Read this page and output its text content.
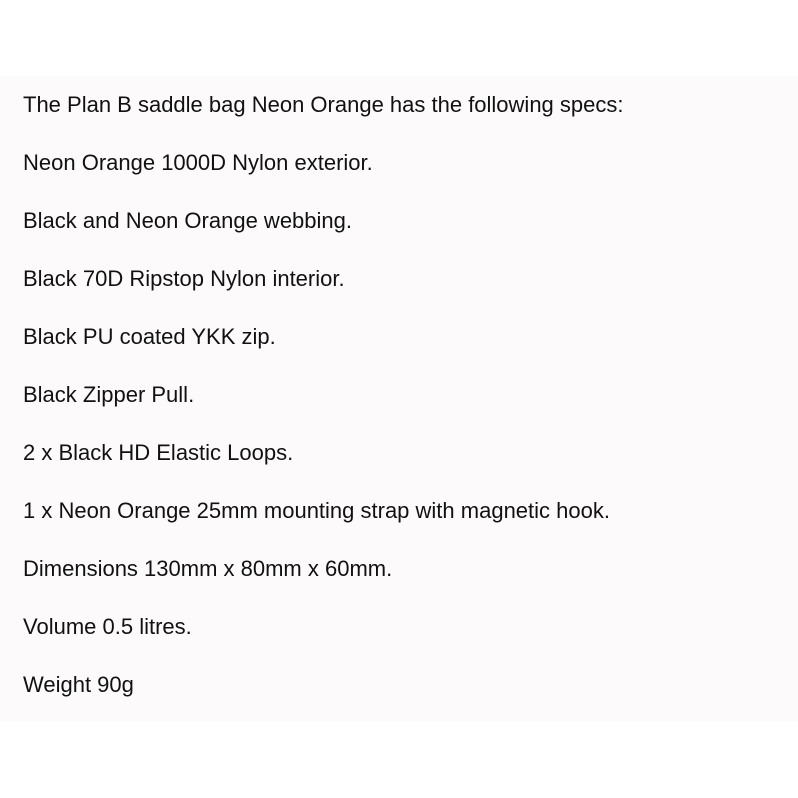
The Plan B saddle bag Neon Orange has the following specs:
Neon Orange 1000D Nylon exterior.
Black and Neon Orange webbing.
Black 70D Ripstop Nylon interior.
Black PU coated YKK zip.
Black Zipper Pull.
2 x Black HD Elastic Loops.
1 x Neon Orange 25mm mounting strap with magnetic hook.
Dimensions 130mm x 80mm x 60mm.
Volume 0.5 litres.
Weight 90g
